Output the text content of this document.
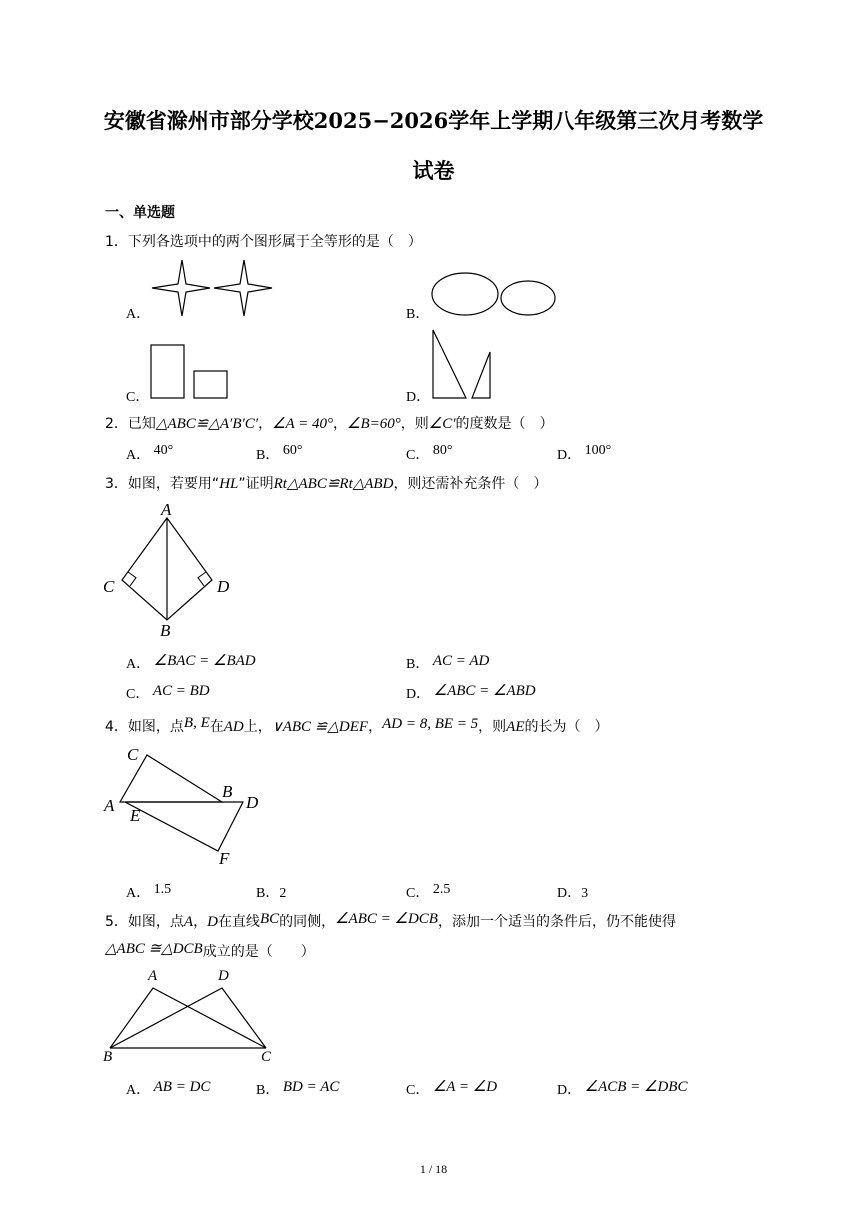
安徽省滁州市部分学校2025−2026学年上学期八年级第三次月考数学
试卷
一、单选题
1．下列各选项中的两个图形属于全等形的是（　）
A．	B．
C．	D．
2．已知△ABC≌△A′B′C′，∠A = 40°，∠B=60°，则∠C′的度数是（　）
A． 40°	B． 60°	C． 80°	D． 100°
3．如图，若要用“HL”证明Rt△ABC≌Rt△ABD，则还需补充条件（　）
A
C	D
B
A． ∠BAC = ∠BAD	B． AC = AD
C． AC = BD	D． ∠ABC = ∠ABD
4．如图，点B, E在AD上，∨ABC ≌△DEF，AD = 8, BE = 5，则AE的长为（　）
C
A
B
D
E
F
A． 1.5	B．2	C． 2.5	D．3
5．如图，点A，D在直线BC的同侧，∠ABC = ∠DCB，添加一个适当的条件后，仍不能使得
△ABC ≅△DCB成立的是（　　）
A	D
B	C
A． AB = DC	B． BD = AC	C． ∠A = ∠D	D． ∠ACB = ∠DBC
1 / 18
